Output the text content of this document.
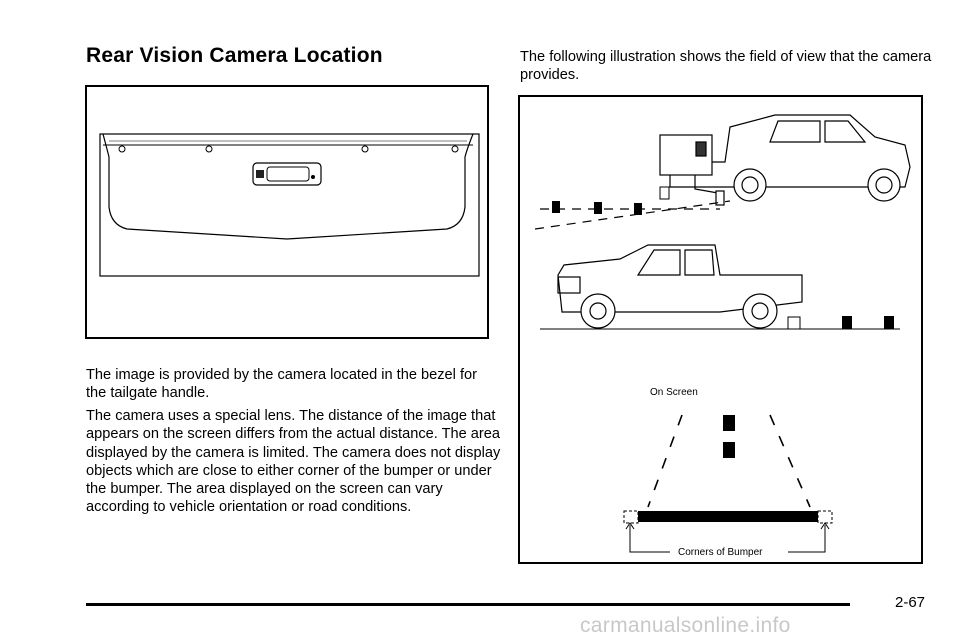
Rear Vision Camera Location

The image is provided by the camera located in the bezel for the tailgate handle.

The camera uses a special lens. The distance of the image that appears on the screen differs from the actual distance. The area displayed by the camera is limited. The camera does not display objects which are close to either corner of the bumper or under the bumper. The area displayed on the screen can vary according to vehicle orientation or road conditions.

The following illustration shows the field of view that the camera provides.

On Screen
Corners of Bumper
2-67
carmanualsonline.info
